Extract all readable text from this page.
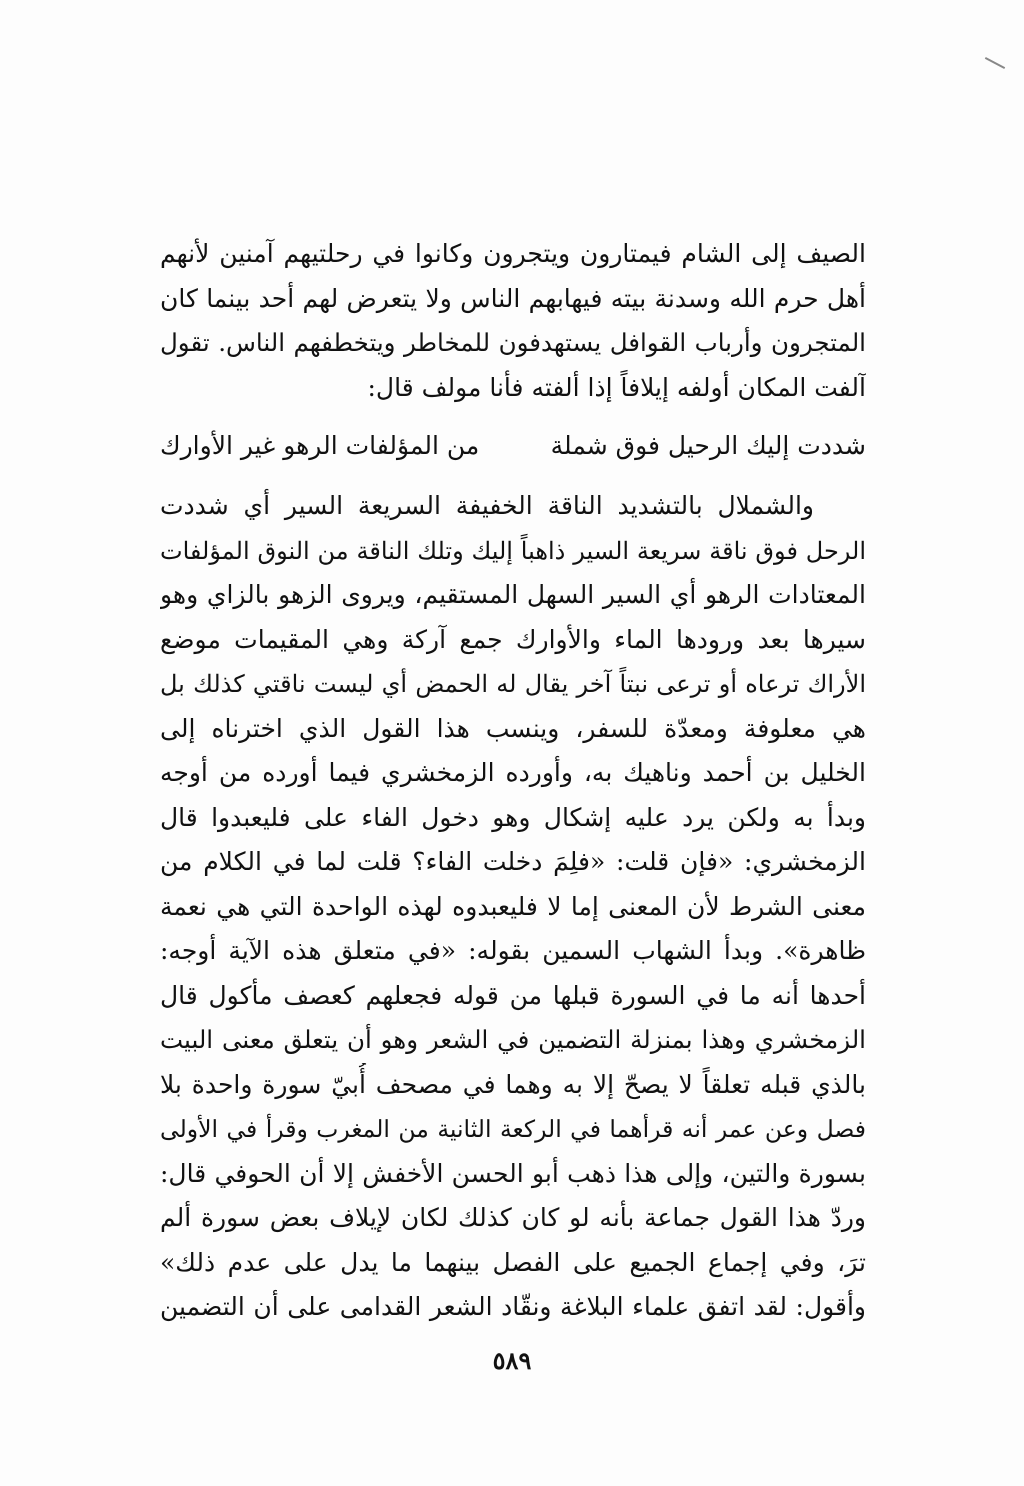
الصيف إلى الشام فيمتارون ويتجرون وكانوا في رحلتيهم آمنين لأنهم
أهل حرم الله وسدنة بيته فيهابهم الناس ولا يتعرض لهم أحد بينما كان
المتجرون وأرباب القوافل يستهدفون للمخاطر ويتخطفهم الناس. تقول
آلفت المكان أولفه إيلافاً إذا ألفته فأنا مولف قال:
شددت إليك الرحيل فوق شملة
من المؤلفات الرهو غير الأوارك
والشملال بالتشديد الناقة الخفيفة السريعة السير أي شددت
الرحل فوق ناقة سريعة السير ذاهباً إليك وتلك الناقة من النوق المؤلفات
المعتادات الرهو أي السير السهل المستقيم، ويروى الزهو بالزاي وهو
سيرها بعد ورودها الماء والأوارك جمع آركة وهي المقيمات موضع
الأراك ترعاه أو ترعى نبتاً آخر يقال له الحمض أي ليست ناقتي كذلك بل
هي معلوفة ومعدّة للسفر، وينسب هذا القول الذي اخترناه إلى
الخليل بن أحمد وناهيك به، وأورده الزمخشري فيما أورده من أوجه
وبدأ به ولكن يرد عليه إشكال وهو دخول الفاء على فليعبدوا قال
الزمخشري: «فإن قلت: «فلِمَ دخلت الفاء؟ قلت لما في الكلام من
معنى الشرط لأن المعنى إما لا فليعبدوه لهذه الواحدة التي هي نعمة
ظاهرة». وبدأ الشهاب السمين بقوله: «في متعلق هذه الآية أوجه:
أحدها أنه ما في السورة قبلها من قوله فجعلهم كعصف مأكول قال
الزمخشري وهذا بمنزلة التضمين في الشعر وهو أن يتعلق معنى البيت
بالذي قبله تعلقاً لا يصحّ إلا به وهما في مصحف أُبيّ سورة واحدة بلا
فصل وعن عمر أنه قرأهما في الركعة الثانية من المغرب وقرأ في الأولى
بسورة والتين، وإلى هذا ذهب أبو الحسن الأخفش إلا أن الحوفي قال:
وردّ هذا القول جماعة بأنه لو كان كذلك لكان لإيلاف بعض سورة ألم
ترَ، وفي إجماع الجميع على الفصل بينهما ما يدل على عدم ذلك»
وأقول: لقد اتفق علماء البلاغة ونقّاد الشعر القدامى على أن التضمين
٥٨٩
